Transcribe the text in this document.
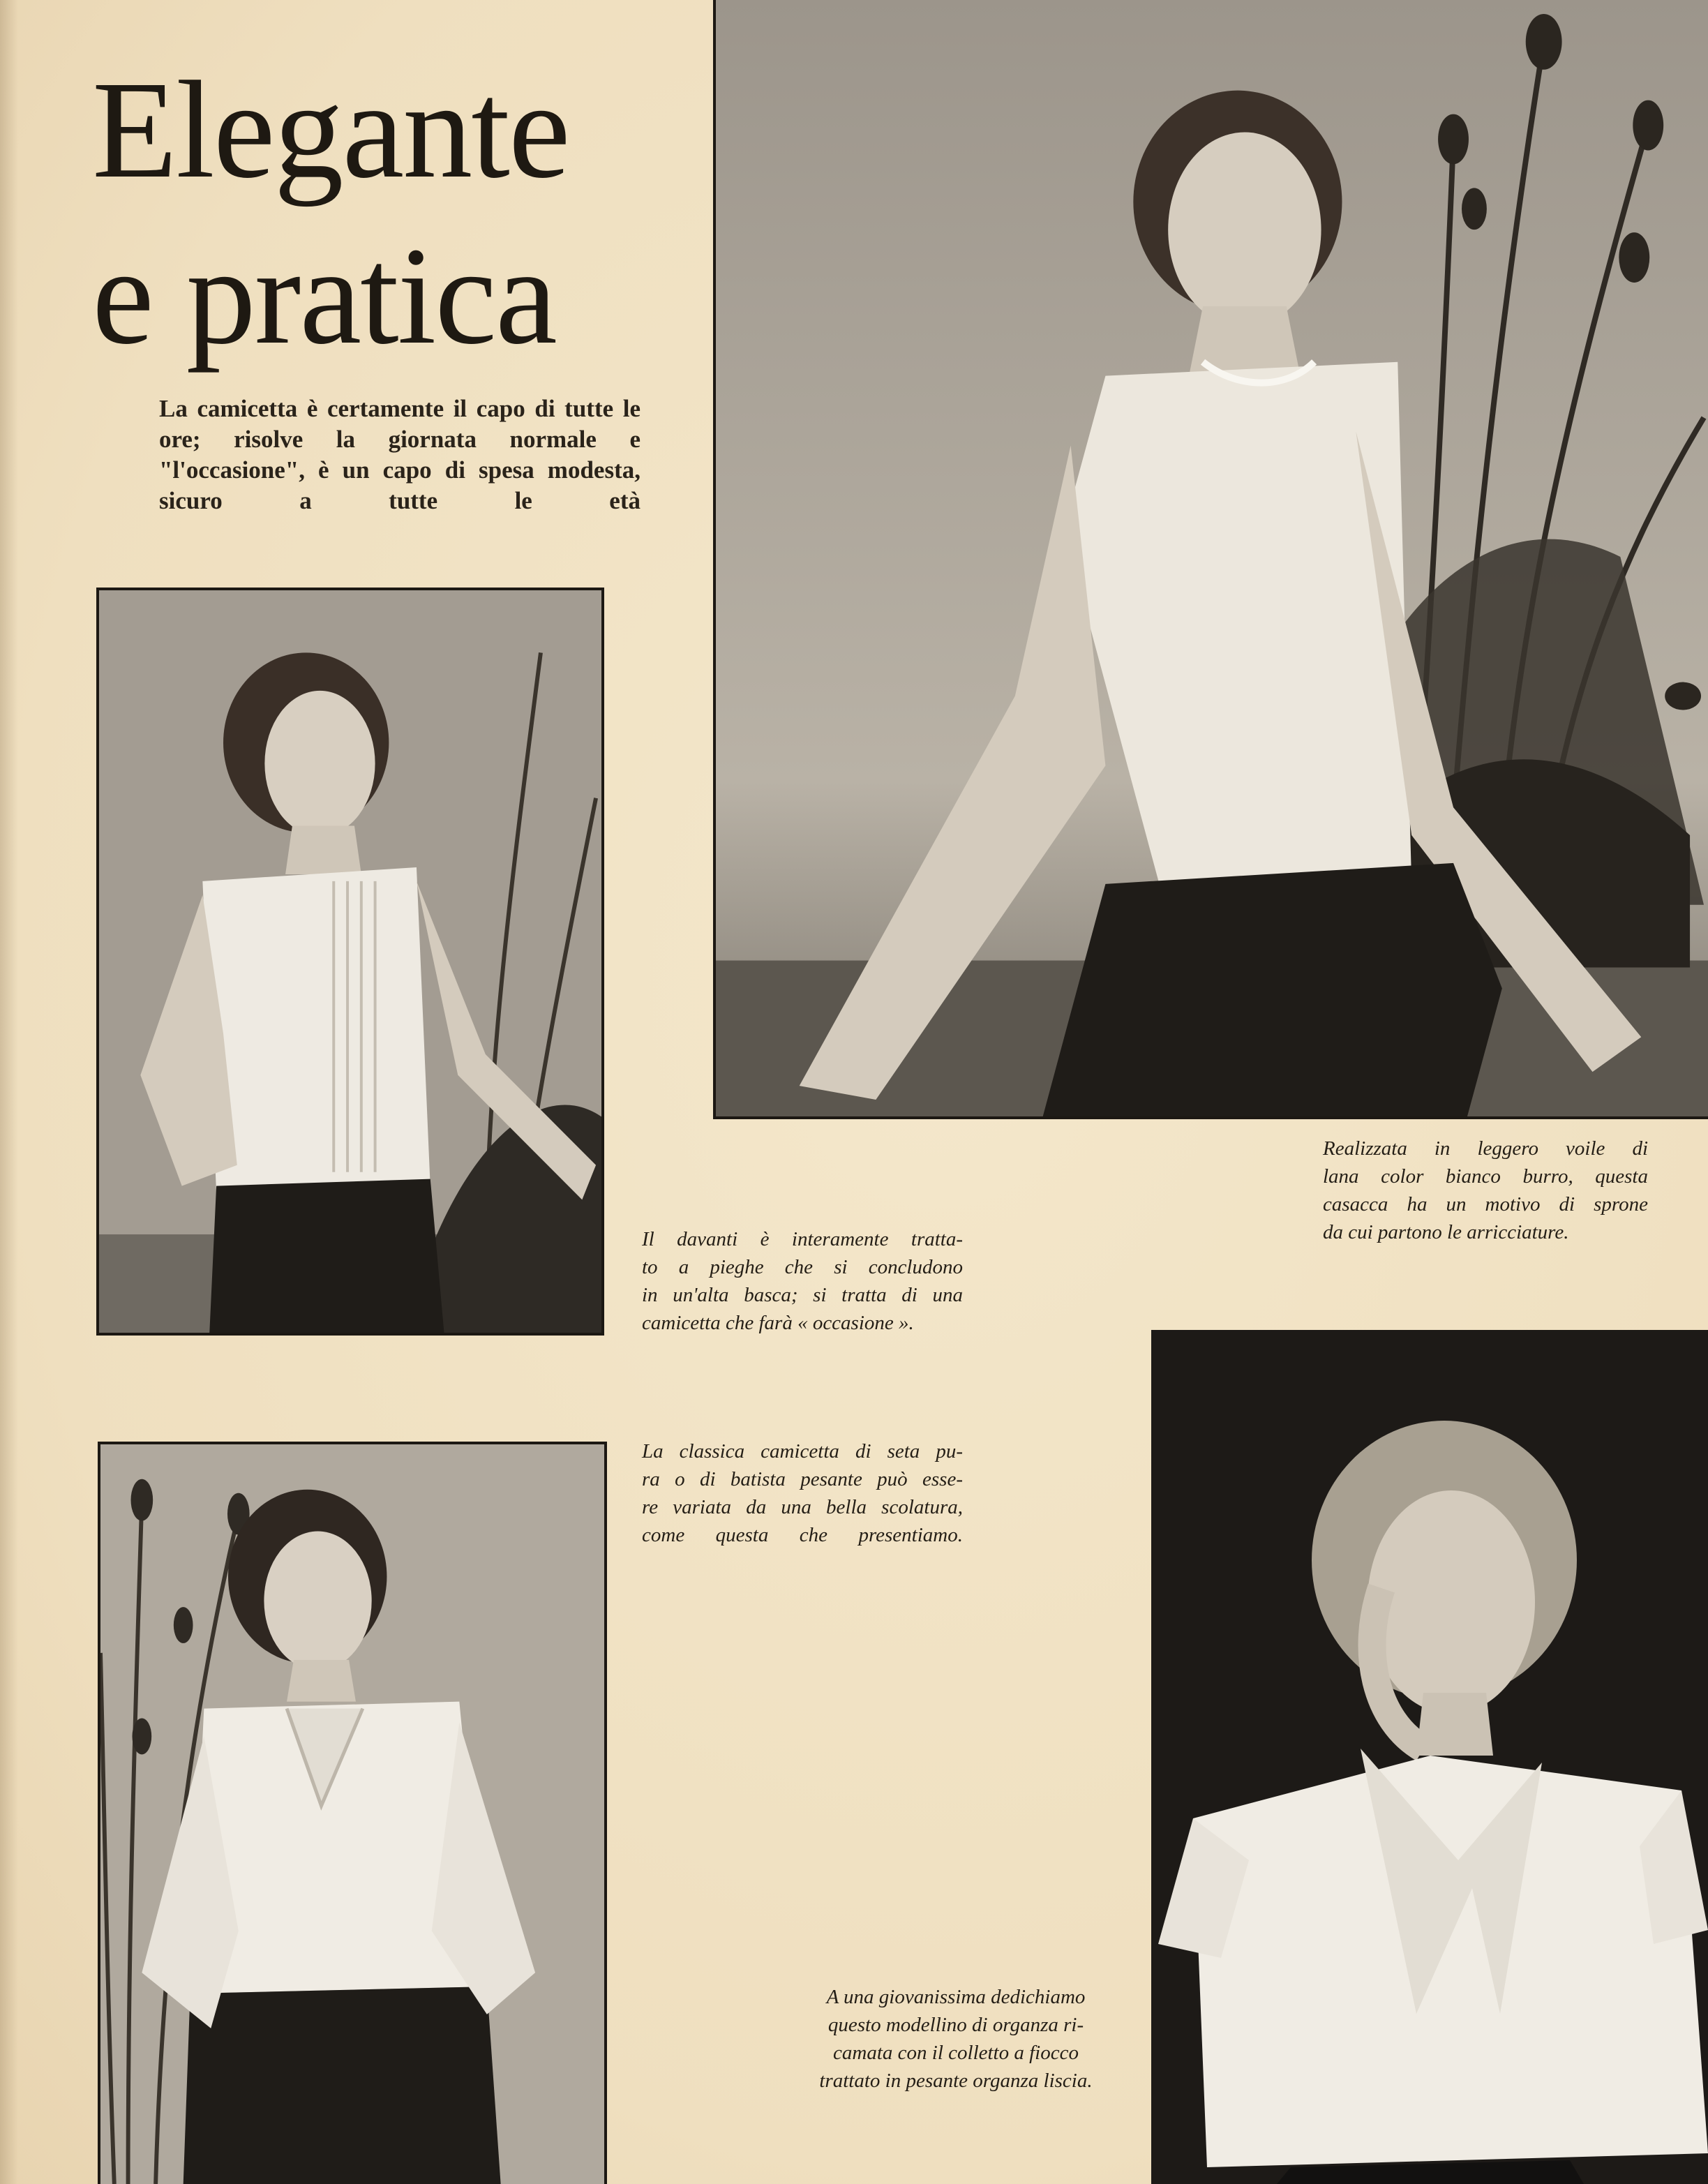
Elegante
e pratica
La camicetta è certamente il capo di tutte le ore; risolve la giornata normale e "l'occasione", è un capo di spesa modesta, sicuro a tutte le età
Realizzata in leggero voile di
lana color bianco burro, questa
casacca ha un motivo di sprone
da cui partono le arricciature.
Il davanti è interamente tratta-
to a pieghe che si concludono
in un'alta basca; si tratta di una
camicetta che farà « occasione ».
La classica camicetta di seta pu-
ra o di batista pesante può esse-
re variata da una bella scolatura,
come questa che presentiamo.
A una giovanissima dedichiamo
questo modellino di organza ri-
camata con il colletto a fiocco
trattato in pesante organza liscia.
